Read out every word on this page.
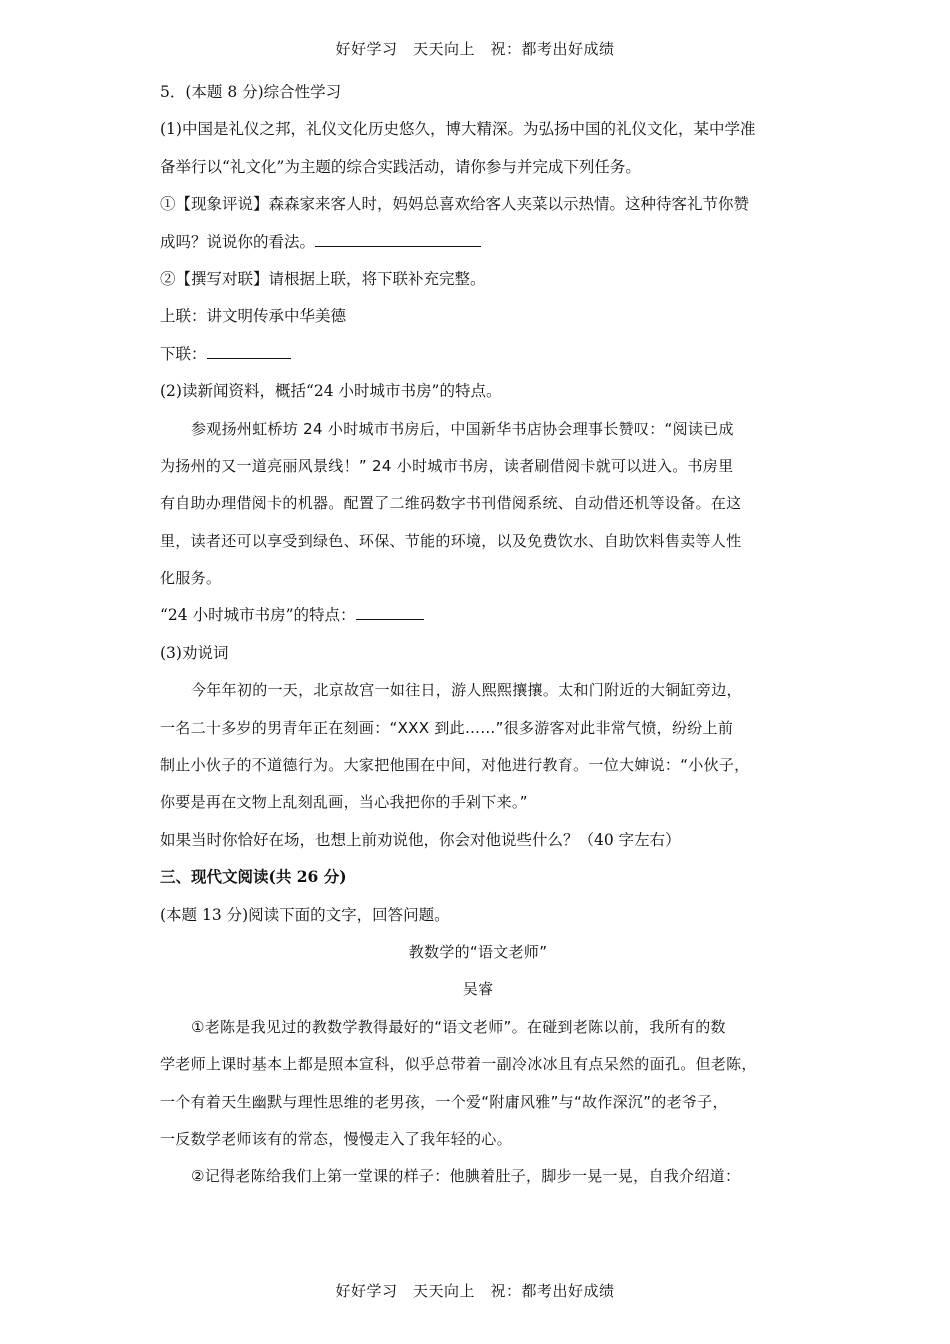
好好学习　天天向上　祝：都考出好成绩
5．(本题 8 分)综合性学习
(1)中国是礼仪之邦，礼仪文化历史悠久，博大精深。为弘扬中国的礼仪文化，某中学准
备举行以“礼文化”为主题的综合实践活动，请你参与并完成下列任务。
①【现象评说】森森家来客人时，妈妈总喜欢给客人夹菜以示热情。这种待客礼节你赞
成吗？说说你的看法。
②【撰写对联】请根据上联，将下联补充完整。
上联：讲文明传承中华美德
下联：
(2)读新闻资料，概括“24 小时城市书房”的特点。
参观扬州虹桥坊 24 小时城市书房后，中国新华书店协会理事长赞叹：“阅读已成
为扬州的又一道亮丽风景线！” 24 小时城市书房，读者刷借阅卡就可以进入。书房里
有自助办理借阅卡的机器。配置了二维码数字书刊借阅系统、自动借还机等设备。在这
里，读者还可以享受到绿色、环保、节能的环境，以及免费饮水、自助饮料售卖等人性
化服务。
“24 小时城市书房”的特点：
(3)劝说词
今年年初的一天，北京故宫一如往日，游人熙熙攘攘。太和门附近的大铜缸旁边，
一名二十多岁的男青年正在刻画：“XXX 到此……”很多游客对此非常气愤，纷纷上前
制止小伙子的不道德行为。大家把他围在中间，对他进行教育。一位大婶说：“小伙子，
你要是再在文物上乱刻乱画，当心我把你的手剁下来。”
如果当时你恰好在场，也想上前劝说他，你会对他说些什么？（40 字左右）
三、现代文阅读(共 26 分)
(本题 13 分)阅读下面的文字，回答问题。
教数学的“语文老师”
吴睿
①老陈是我见过的教数学教得最好的“语文老师”。在碰到老陈以前，我所有的数
学老师上课时基本上都是照本宣科，似乎总带着一副冷冰冰且有点呆然的面孔。但老陈，
一个有着天生幽默与理性思维的老男孩，一个爱“附庸风雅”与“故作深沉”的老爷子，
一反数学老师该有的常态，慢慢走入了我年轻的心。
②记得老陈给我们上第一堂课的样子：他腆着肚子，脚步一晃一晃，自我介绍道：
好好学习　天天向上　祝：都考出好成绩
